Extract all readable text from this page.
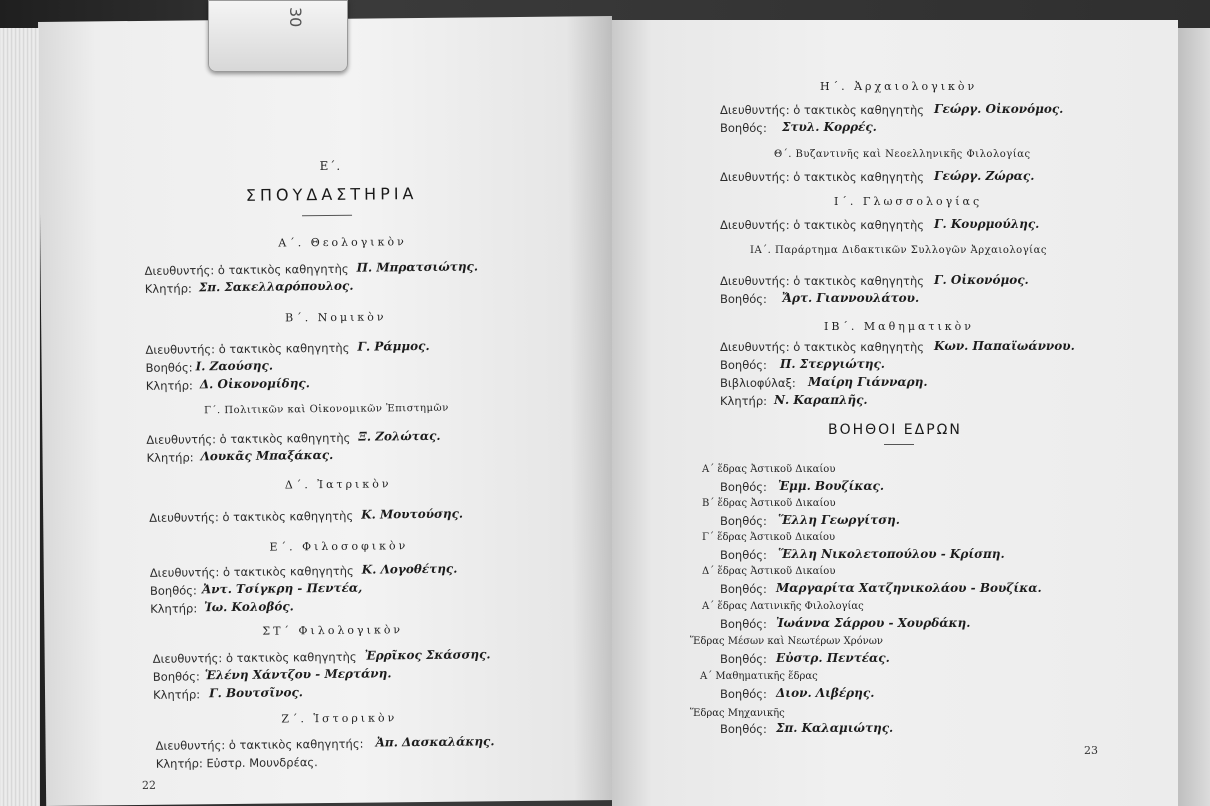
Ε΄.
ΣΠΟΥΔΑΣΤΗΡΙΑ
Α΄. Θεολογικὸν
Διευθυντής: ὁ τακτικὸς καθηγητὴς Π. Μπρατσιώτης.
Κλητήρ: Σπ. Σακελλαρόπουλος.
Β΄. Νομικὸν
Διευθυντής: ὁ τακτικὸς καθηγητὴς Γ. Ράμμος.
Βοηθός: Ι. Ζαούσης.
Κλητήρ: Δ. Οἰκονομίδης.
Γ΄. Πολιτικῶν καὶ Οἰκονομικῶν Ἐπιστημῶν
Διευθυντής: ὁ τακτικὸς καθηγητὴς Ξ. Ζολώτας.
Κλητήρ: Λουκᾶς Μπαξάκας.
Δ΄. Ἰατρικὸν
Διευθυντής: ὁ τακτικὸς καθηγητὴς Κ. Μουτούσης.
Ε΄. Φιλοσοφικὸν
Διευθυντής: ὁ τακτικὸς καθηγητὴς Κ. Λογοθέτης.
Βοηθός: Ἀντ. Τσίγκρη - Πεντέα,
Κλητήρ: Ἰω. Κολοβός.
ΣΤ΄ Φιλολογικὸν
Διευθυντής: ὁ τακτικὸς καθηγητὴς Ἐρρῖκος Σκάσσης.
Βοηθός: Ἑλένη Χάντζου - Μερτάνη.
Κλητήρ: Γ. Βουτσῖνος.
Ζ΄. Ἱστορικὸν
Διευθυντής: ὁ τακτικὸς καθηγητής: Ἀπ. Δασκαλάκης.
Κλητήρ: Εὐστρ. Μουνδρέας.
22
30
Η΄. Ἀρχαιολογικὸν
Διευθυντής: ὁ τακτικὸς καθηγητὴς Γεώργ. Οἰκονόμος.
Βοηθός: Στυλ. Κορρές.
Θ΄. Βυζαντινῆς καὶ Νεοελληνικῆς Φιλολογίας
Διευθυντής: ὁ τακτικὸς καθηγητὴς Γεώργ. Ζώρας.
Ι΄. Γλωσσολογίας
Διευθυντής: ὁ τακτικὸς καθηγητὴς Γ. Κουρμούλης.
ΙΑ΄. Παράρτημα Διδακτικῶν Συλλογῶν Ἀρχαιολογίας
Διευθυντής: ὁ τακτικὸς καθηγητὴς Γ. Οἰκονόμος.
Βοηθός: Ἄρτ. Γιαννουλάτου.
ΙΒ΄. Μαθηματικὸν
Διευθυντής: ὁ τακτικὸς καθηγητὴς Κων. Παπαϊωάννου.
Βοηθός: Π. Στεργιώτης.
Βιβλιοφύλαξ: Μαίρη Γιάνναρη.
Κλητήρ: Ν. Καραπλῆς.
ΒΟΗΘΟΙ ΕΔΡΩΝ
Α΄ ἕδρας Ἀστικοῦ Δικαίου
Βοηθός: Ἐμμ. Βουζίκας.
Β΄ ἕδρας Ἀστικοῦ Δικαίου
Βοηθός: Ἕλλη Γεωργίτση.
Γ΄ ἕδρας Ἀστικοῦ Δικαίου
Βοηθός: Ἕλλη Νικολετοπούλου - Κρίσπη.
Δ΄ ἕδρας Ἀστικοῦ Δικαίου
Βοηθός: Μαργαρίτα Χατζηνικολάου - Βουζίκα.
Α΄ ἕδρας Λατινικῆς Φιλολογίας
Βοηθός: Ἰωάννα Σάρρου - Χουρδάκη.
Ἕδρας Μέσων καὶ Νεωτέρων Χρόνων
Βοηθός: Εὐστρ. Πεντέας.
Α΄ Μαθηματικῆς ἕδρας
Βοηθός: Διον. Λιβέρης.
Ἕδρας Μηχανικῆς
Βοηθός: Σπ. Καλαμιώτης.
23
